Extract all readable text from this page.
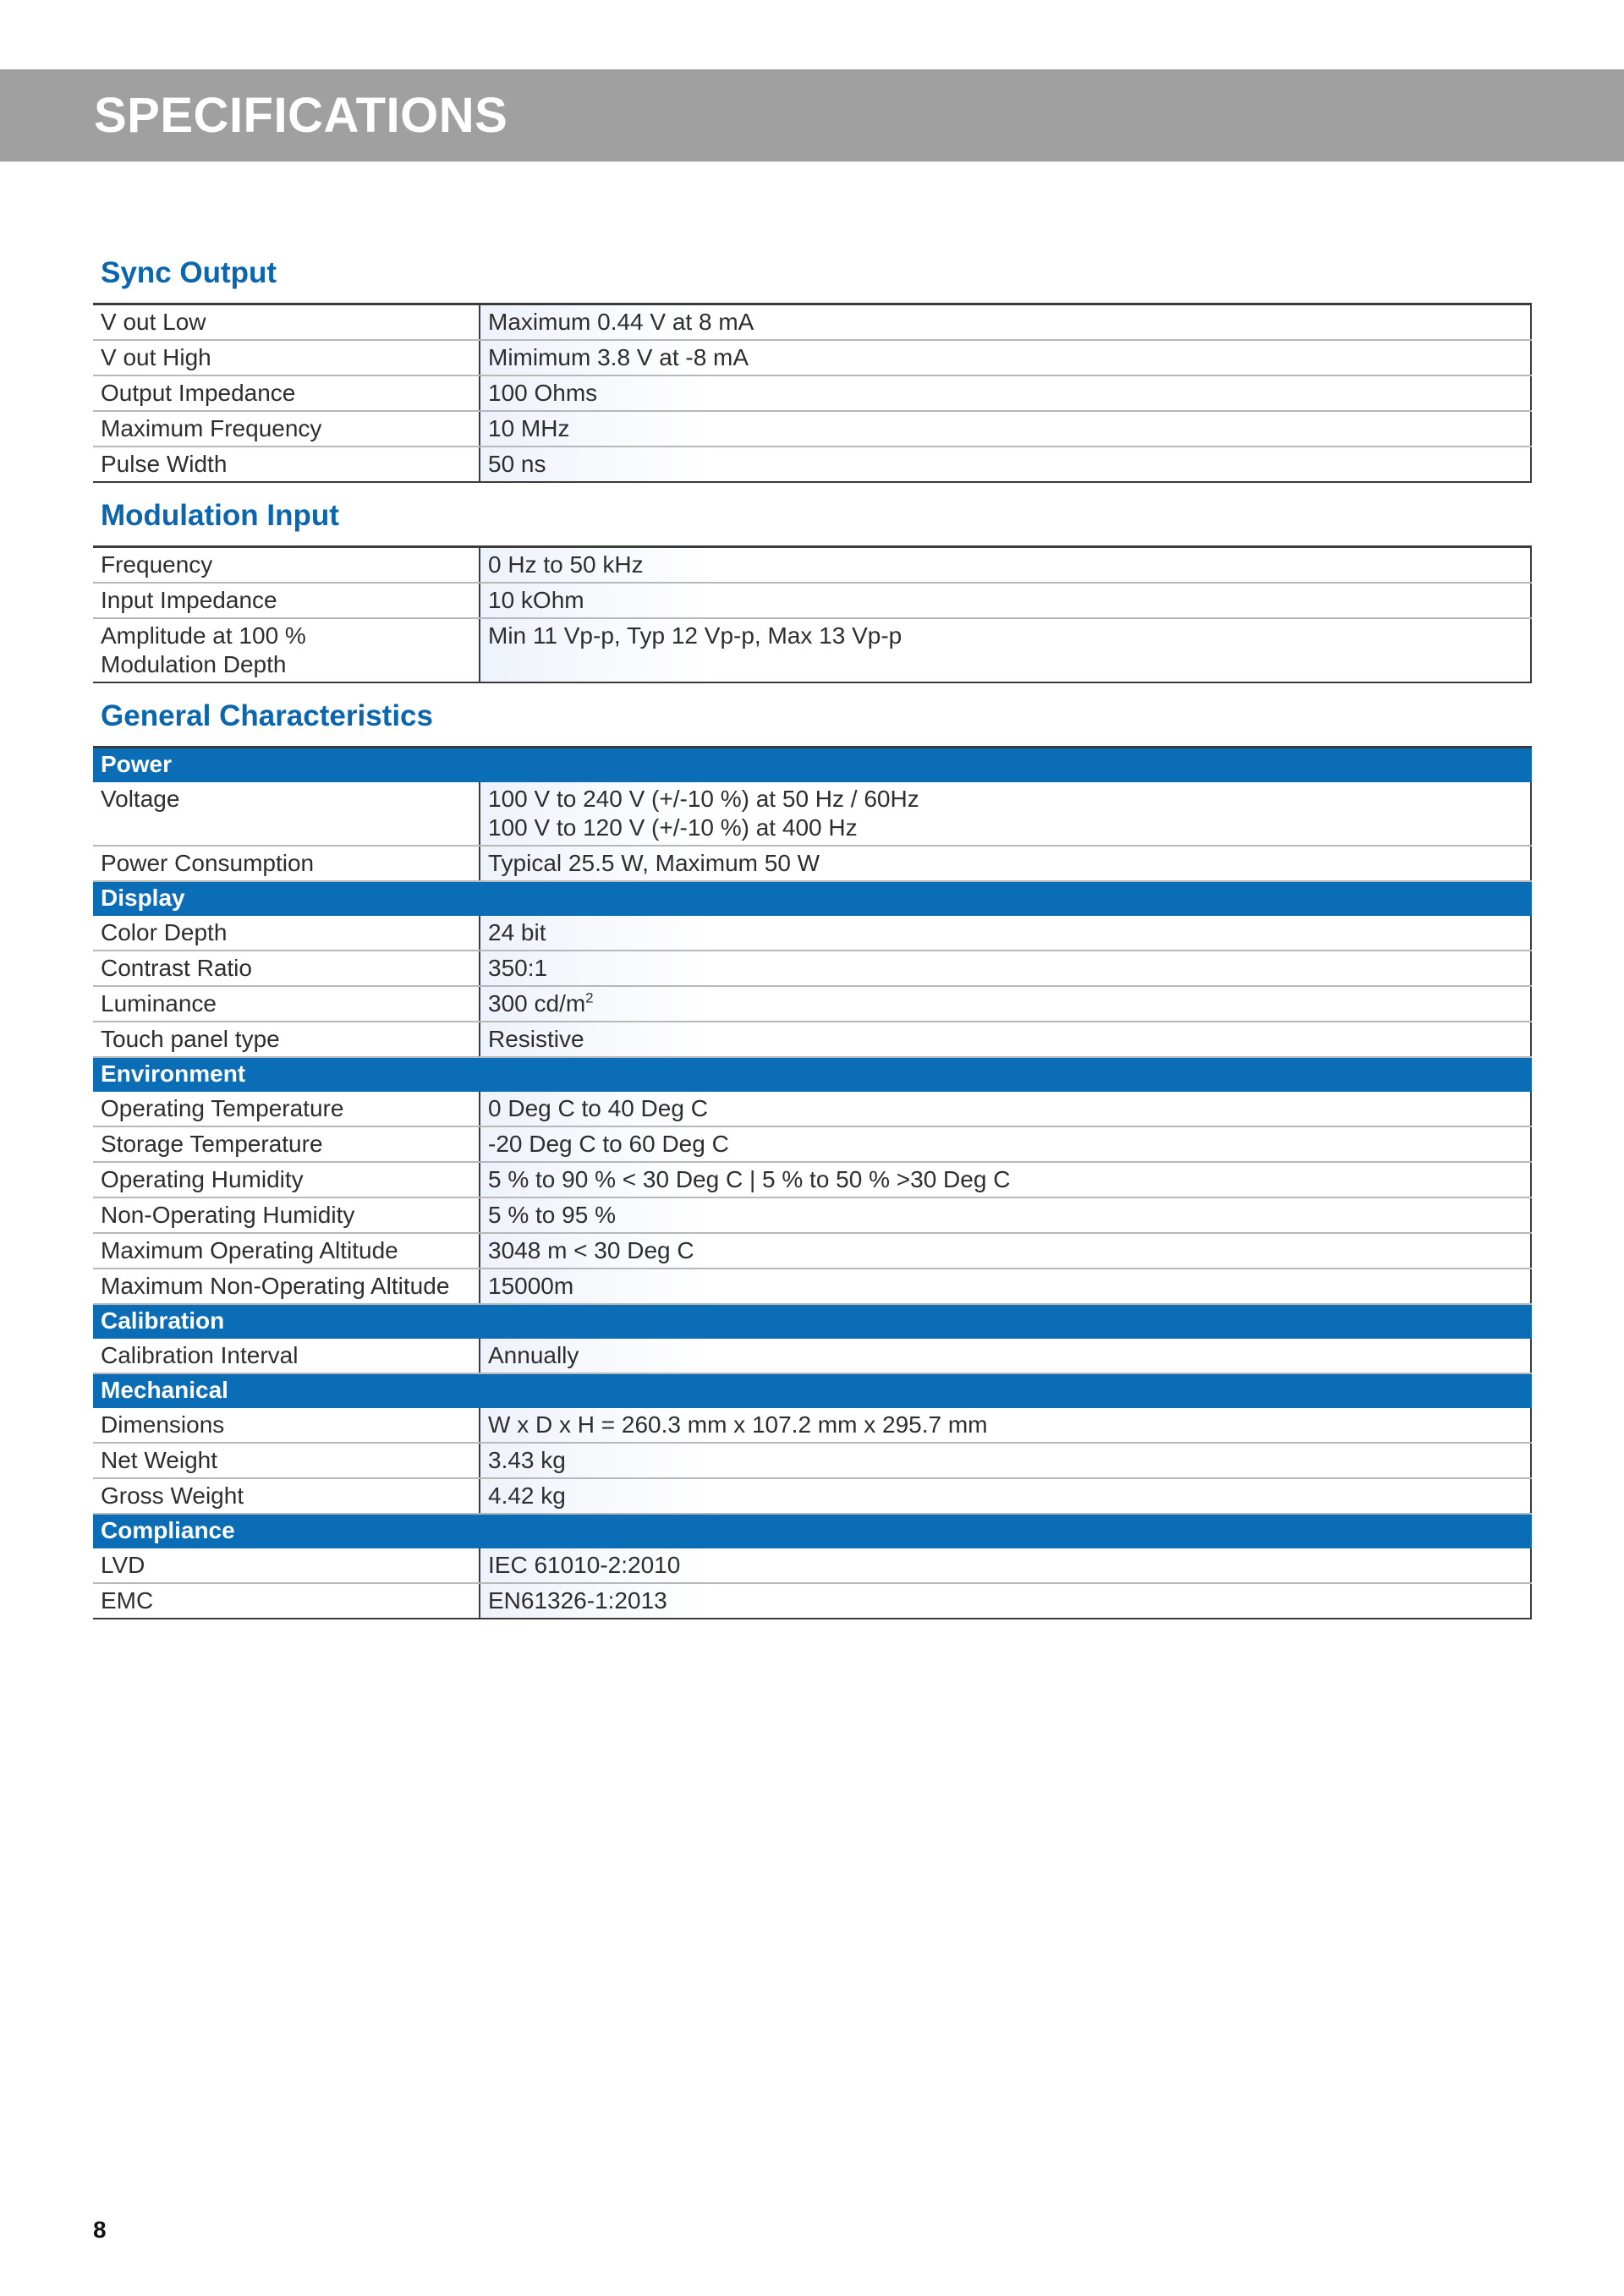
SPECIFICATIONS
Sync Output
V out Low	Maximum 0.44 V at 8 mA
V out High	Mimimum 3.8 V at -8 mA
Output Impedance	100 Ohms
Maximum Frequency	10 MHz
Pulse Width	50 ns
Modulation Input
Frequency	0 Hz to 50 kHz
Input Impedance	10 kOhm

Amplitude at 100 %
Modulation Depth	Min 11 Vp-p, Typ 12 Vp-p, Max 13 Vp-p
General Characteristics
Power	
Voltage	100 V to 240 V (+/-10 %) at 50 Hz / 60Hz
100 V to 120 V (+/-10 %) at 400 Hz

Power Consumption	Typical 25.5 W, Maximum 50 W
Display	
Color Depth	24 bit
Contrast Ratio	350:1
Luminance	300 $cd/m^2$
Touch panel type	Resistive
Environment	
Operating Temperature	0 Deg C to 40 Deg C
Storage Temperature	-20 Deg C to 60 Deg C
Operating Humidity	5 % to 90 % < 30 Deg C | 5 % to 50 % >30 Deg C
Non-Operating Humidity	5 % to 95 %
Maximum Operating Altitude	3048 m < 30 Deg C
Maximum Non-Operating Altitude	15000m
Calibration	
Calibration Interval	Annually
Mechanical	
Dimensions	W x D x H = 260.3 mm x 107.2 mm x 295.7 mm
Net Weight	3.43 kg
Gross Weight	4.42 kg
Compliance	
LVD	IEC 61010-2:2010
EMC	EN61326-1:2013
8
